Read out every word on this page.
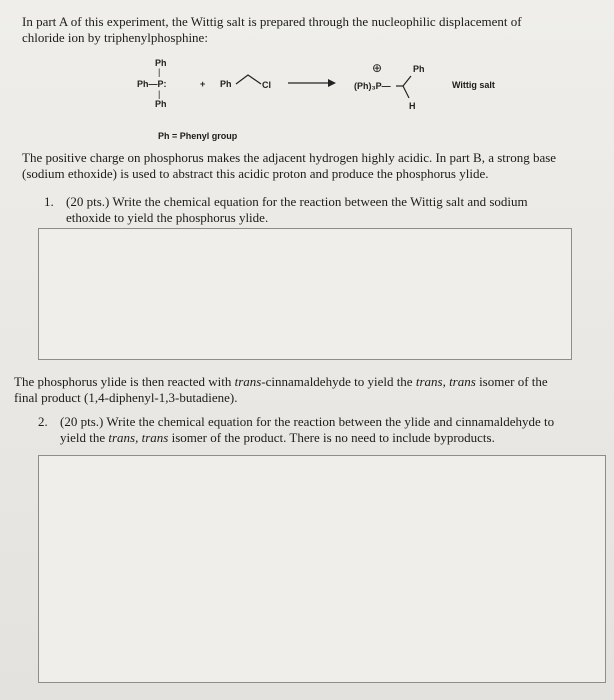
In part A of this experiment, the Wittig salt is prepared through the nucleophilic displacement of
chloride ion by triphenylphosphine:
Ph
|
Ph—P:
|
Ph
+ Ph	Cl →
⊕
(Ph)₃P—
Ph
H
Wittig salt
Ph = Phenyl group
The positive charge on phosphorus makes the adjacent hydrogen highly acidic. In part B, a strong base
(sodium ethoxide) is used to abstract this acidic proton and produce the phosphorus ylide.
1. (20 pts.) Write the chemical equation for the reaction between the Wittig salt and sodium
ethoxide to yield the phosphorus ylide.
The phosphorus ylide is then reacted with trans-cinnamaldehyde to yield the trans, trans isomer of the
final product (1,4-diphenyl-1,3-butadiene).
2. (20 pts.) Write the chemical equation for the reaction between the ylide and cinnamaldehyde to
yield the trans, trans isomer of the product. There is no need to include byproducts.
